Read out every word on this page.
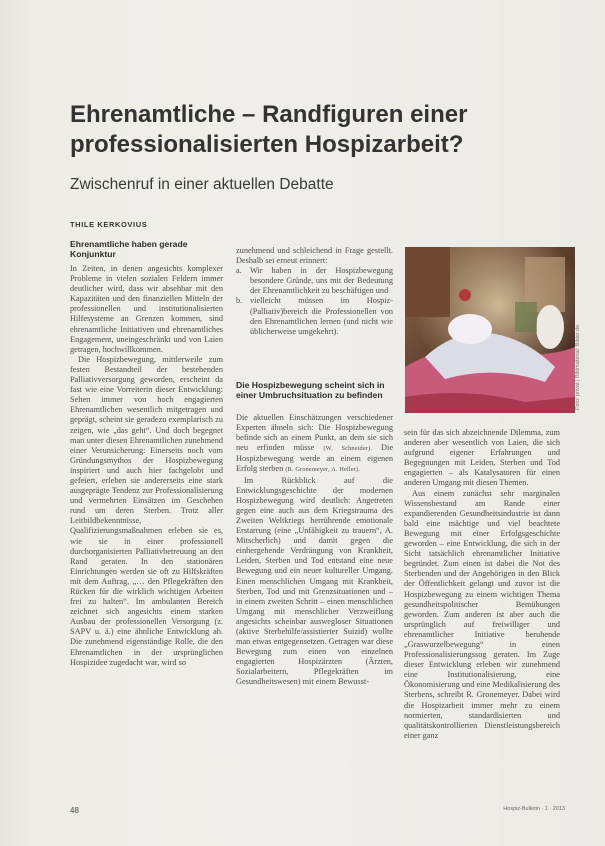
Ehrenamtliche – Randfiguren einer professionalisierten Hospizarbeit?

Zwischenruf in einer aktuellen Debatte

THILE KERKOVIUS

Ehrenamtliche haben gerade Konjunktur

In Zeiten, in denen angesichts komplexer Probleme in vielen sozialen Feldern immer deutlicher wird, dass wir absehbar mit den Kapazitäten und den finanziellen Mitteln der professionellen und institutionalisierten Hilfesysteme an Grenzen kommen, sind ehrenamtliche Initiativen und ehrenamtliches Engagement, uneingeschränkt und von Laien getragen, hochwillkommen.

Die Hospizbewegung, mittlerweile zum festen Bestandteil der bestehenden Palliativversorgung geworden, erscheint da fast wie eine Vorreiterin dieser Entwicklung: Sehen immer von hoch engagierten Ehrenamtlichen wesentlich mitgetragen und geprägt, scheint sie geradezu exemplarisch zu zeigen, wie „das geht“. Und doch begegnet man unter diesen Ehrenamtlichen zunehmend einer Verunsicherung: Einerseits noch vom Gründungsmythos der Hospizbewegung inspiriert und auch hier fachgelobt und gefeiert, erleben sie andererseits eine stark ausgeprägte Tendenz zur Professionalisierung und vermehrten Einsätzen im Geschehen rund um deren Sterben. Trotz aller Leitbildbekenntnisse, Qualifizierungsmaßnahmen erleben sie es, wie sie in einer professionell durchorganisierten Palliativbetreuung an den Rand geraten. In den stationären Einrichtungen werden sie oft zu Hilfskräften mit dem Auftrag, „… den Pflegekräften den Rücken für die wirklich wichtigen Arbeiten frei zu halten“. Im ambulanten Bereich zeichnet sich angesichts einem starken Ausbau der professionellen Versorgung (z. SAPV u. ä.) eine ähnliche Entwicklung ab. Die zunehmend eigenständige Rolle, die den Ehrenamtlichen in der ursprünglichen Hospizidee zugedacht war, wird so

zunehmend und schleichend in Frage gestellt. Deshalb sei erneut erinnert:

a. Wir haben in der Hospizbewegung besondere Gründe, uns mit der Bedeutung der Ehrenamtlichkeit zu beschäftigen und
b. vielleicht müssen im Hospiz-(Palliativ)bereich die Professionellen von den Ehrenamtlichen lernen (und nicht wie üblicherweise umgekehrt).
Die Hospizbewegung scheint sich in einer Umbruchsituation zu befinden

Die aktuellen Einschätzungen verschiedener Experten ähneln sich: Die Hospizbewegung befinde sich an einem Punkt, an dem sie sich neu erfinden müsse (W. Schneider). Die Hospizbewegung werde an einem eigenen Erfolg sterben (R. Gronemeyer, A. Heller).

Im Rückblick auf die Entwicklungsgeschichte der modernen Hospizbewegung wird deutlich: Angetreten gegen eine auch aus dem Kriegstrauma des Zweiten Weltkriegs herrührende emotionale Erstarrung (eine „Unfähigkeit zu trauern“, A. Mitscherlich) und damit gegen die einhergehende Verdrängung von Krankheit, Leiden, Sterben und Tod entstand eine neue Bewegung und ein neuer kultureller Umgang. Einen menschlichen Umgang mit Krankheit, Sterben, Tod und mit Grenzsituationen und – in einem zweiten Schritt – einen menschlichen Umgang mit menschlicher Verzweiflung angesichts scheinbar auswegloser Situationen (aktive Sterbehilfe/assistierter Suizid) wollte man etwas entgegensetzen. Getragen war diese Bewegung zum einen von einzelnen engagierten Hospizärzten (Ärzten, Sozialarbeitern, Pflegekräften im Gesundheitswesen) mit einem Bewusst-

Foto: privat | Bildmaterial: Bilder.de

sein für das sich abzeichnende Dilemma, zum anderen aber wesentlich von Laien, die sich aufgrund eigener Erfahrungen und Begegnungen mit Leiden, Sterben und Tod engagierten – als Katalysatoren für einen anderen Umgang mit diesen Themen.

Aus einem zunächst sehr marginalen Wissensbestand am Rande einer expandierenden Gesundheitsindustrie ist dann bald eine mächtige und viel beachtete Bewegung mit einer Erfolgsgeschichte geworden – eine Entwicklung, die sich in der Sicht tatsächlich ehrenamtlicher Initiative begründet. Zum einen ist dabei die Not des Sterbenden und der Angehörigen in den Blick der Öffentlichkeit gelangt und zuvor ist die Hospizbewegung zu einem wichtigen Thema gesundheitspolitischer Bemühungen geworden. Zum anderen ist aber auch die ursprünglich auf freiwilliger und ehrenamtlicher Initiative beruhende „Graswurzelbewegung“ in einen Professionalisierungssog geraten. Im Zuge dieser Entwicklung erleben wir zunehmend eine Institutionalisierung, eine Ökonomisierung und eine Medikalisierung des Sterbens, schreibt R. Gronemeyer. Dabei wird die Hospizarbeit immer mehr zu einem normierten, standardisierten und qualitätskontrollierten Dienstleistungsbereich einer ganz

48	Hospiz-Bulletin · 1 · 2013
